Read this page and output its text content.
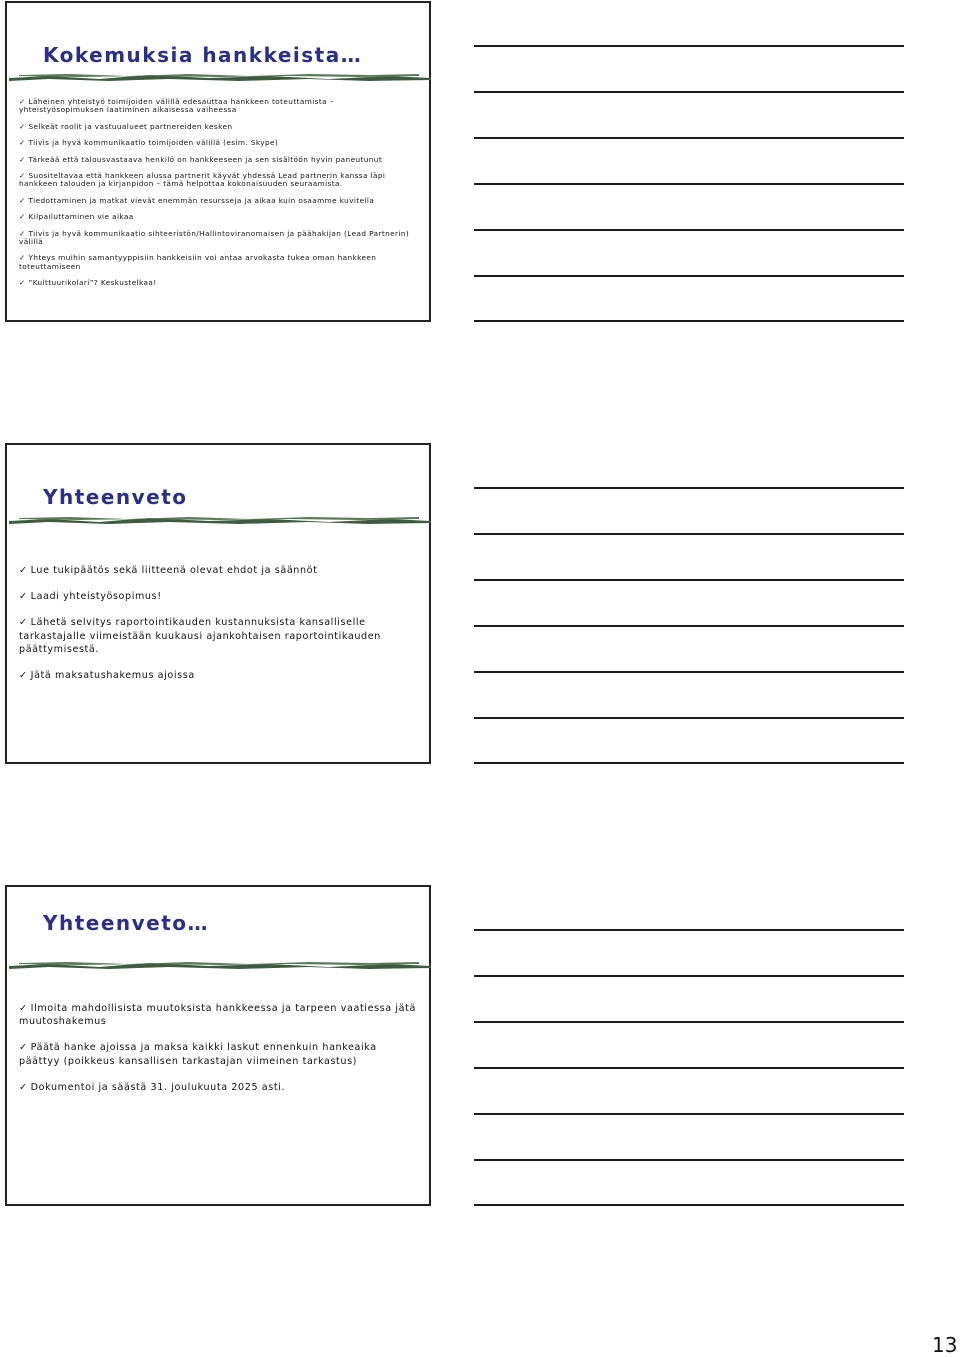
Kokemuksia hankkeista…
✓ Läheinen yhteistyö toimijoiden välillä edesauttaa hankkeen toteuttamista – yhteistyösopimuksen laatiminen aikaisessa vaiheessa
✓ Selkeät roolit ja vastuualueet partnereiden kesken
✓ Tiivis ja hyvä kommunikaatio toimijoiden välillä (esim. Skype)
✓ Tärkeää että talousvastaava henkilö on hankkeeseen ja sen sisältöön hyvin paneutunut
✓ Suositeltavaa että hankkeen alussa partnerit käyvät yhdessä Lead partnerin kanssa läpi hankkeen talouden ja kirjanpidon – tämä helpottaa kokonaisuuden seuraamista.
✓ Tiedottaminen ja matkat vievät enemmän resursseja ja aikaa kuin osaamme kuvitella
✓ Kilpailuttaminen vie aikaa
✓ Tiivis ja hyvä kommunikaatio sihteeristön/Hallintoviranomaisen ja päähakijan (Lead Partnerin) välillä
✓ Yhteys muihin samantyyppisiin hankkeisiin voi antaa arvokasta tukea oman hankkeen toteuttamiseen
✓ ”Kulttuurikolari”? Keskustelkaa!
Yhteenveto
✓ Lue tukipäätös sekä liitteenä olevat ehdot ja säännöt
✓ Laadi yhteistyösopimus!
✓ Lähetä selvitys raportointikauden kustannuksista kansalliselle tarkastajalle viimeistään kuukausi ajankohtaisen raportointikauden päättymisestä.
✓ Jätä maksatushakemus ajoissa
Yhteenveto…
✓ Ilmoita mahdollisista muutoksista hankkeessa ja tarpeen vaatiessa jätä muutoshakemus
✓ Päätä hanke ajoissa ja maksa kaikki laskut ennenkuin hankeaika päättyy (poikkeus kansallisen tarkastajan viimeinen tarkastus)
✓ Dokumentoi ja säästä 31. joulukuuta 2025 asti.
13
